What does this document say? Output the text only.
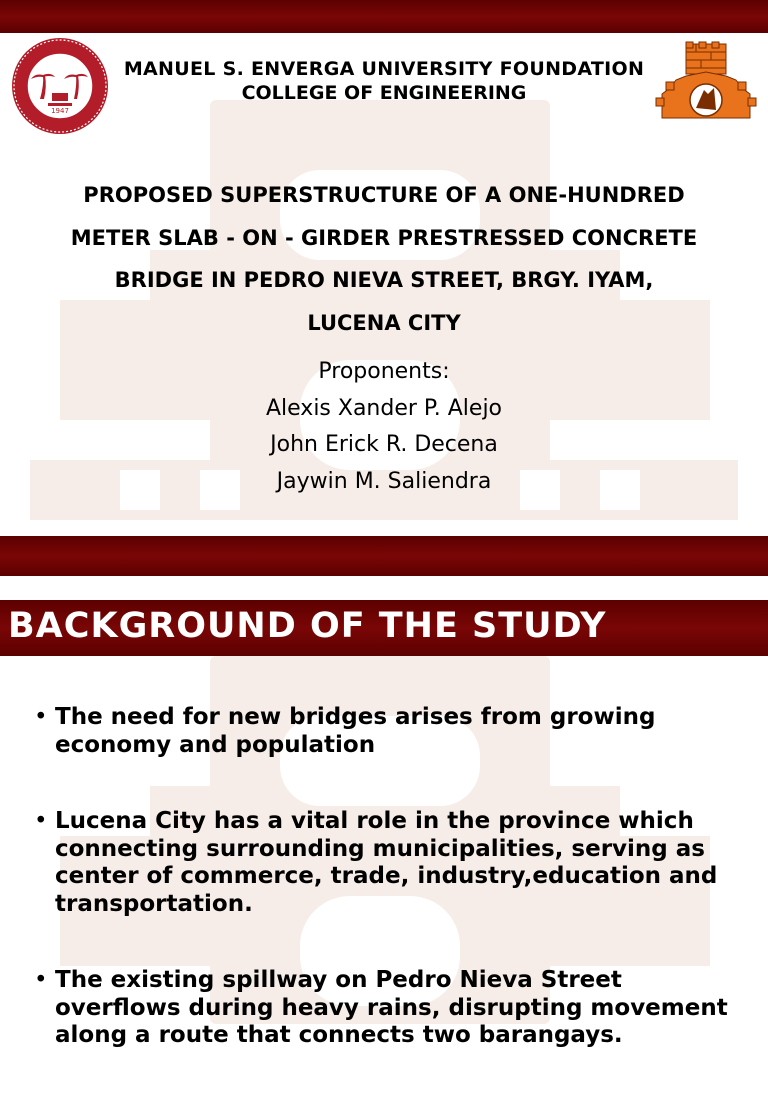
1947
MANUEL S. ENVERGA UNIVERSITY FOUNDATION
COLLEGE OF ENGINEERING
PROPOSED SUPERSTRUCTURE OF A ONE-HUNDRED
METER SLAB - ON - GIRDER PRESTRESSED CONCRETE
BRIDGE IN PEDRO NIEVA STREET, BRGY. IYAM,
LUCENA CITY
Proponents:
Alexis Xander P. Alejo
John Erick R. Decena
Jaywin M. Saliendra
BACKGROUND OF THE STUDY
• The need for new bridges arises from growing economy and population
• Lucena City has a vital role in the province which connecting surrounding municipalities, serving as center of commerce, trade, industry,education and transportation.
• The existing spillway on Pedro Nieva Street overflows during heavy rains, disrupting movement along a route that connects two barangays.
